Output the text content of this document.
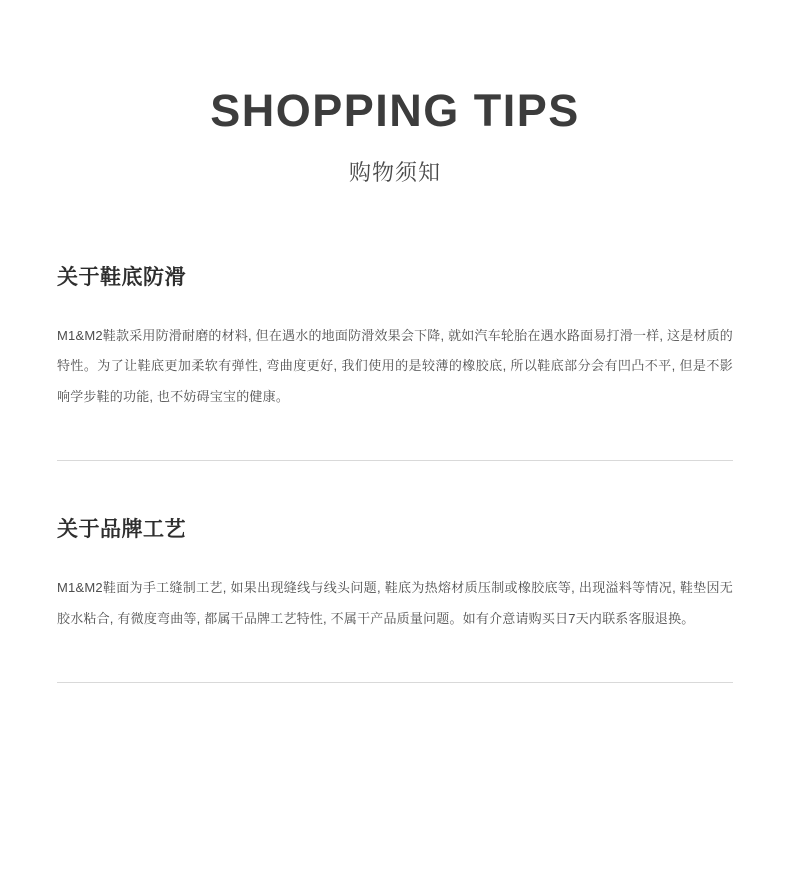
SHOPPING TIPS
购物须知
关于鞋底防滑
M1&M2鞋款采用防滑耐磨的材料, 但在遇水的地面防滑效果会下降, 就如汽车轮胎在遇水路面易打滑一样, 这是材质的特性。为了让鞋底更加柔软有弹性, 弯曲度更好, 我们使用的是较薄的橡胶底, 所以鞋底部分会有凹凸不平, 但是不影响学步鞋的功能, 也不妨碍宝宝的健康。
关于品牌工艺
M1&M2鞋面为手工缝制工艺, 如果出现缝线与线头问题, 鞋底为热熔材质压制或橡胶底等, 出现溢料等情况, 鞋垫因无胶水粘合, 有微度弯曲等, 都属干品牌工艺特性, 不属干产品质量问题。如有介意请购买日7天内联系客服退换。
